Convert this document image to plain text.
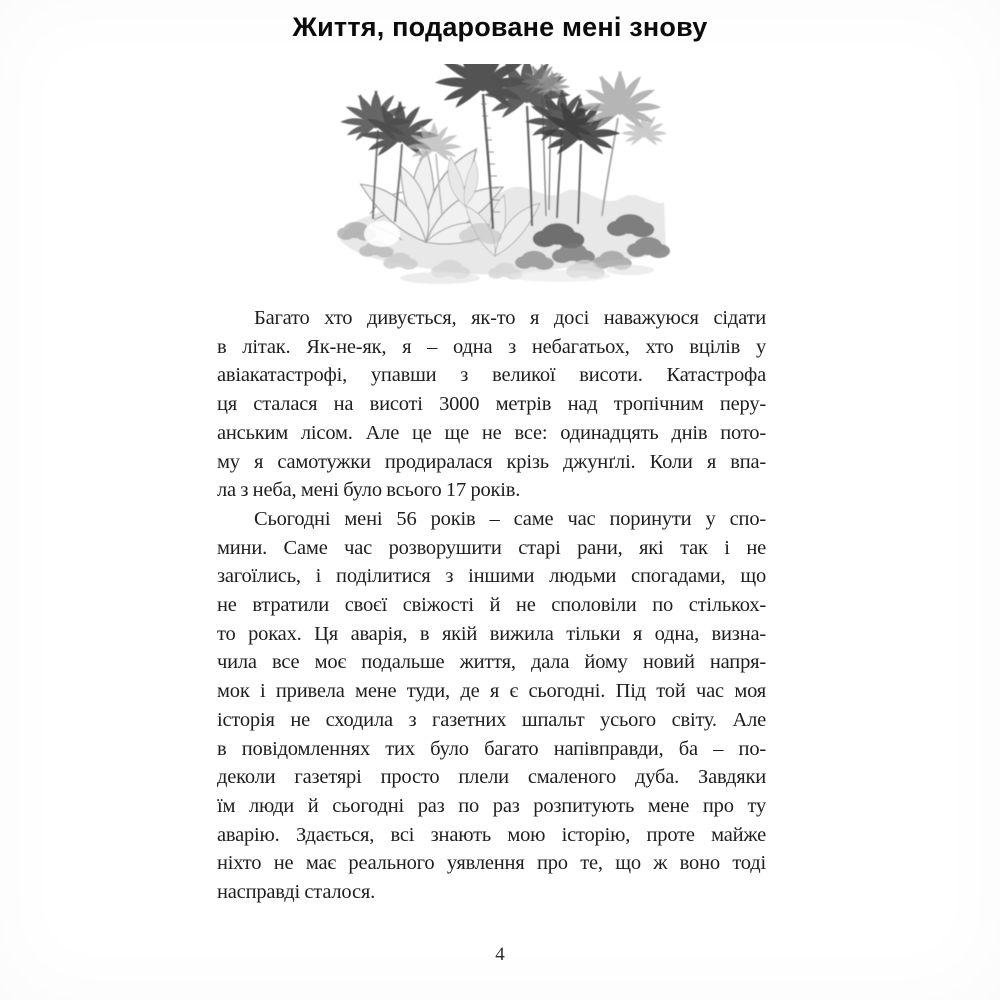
Життя, подароване мені знову
Багато хто дивується, як-то я досі наважуюся сідати
в літак. Як-не-як, я – одна з небагатьох, хто вцілів у
авіакатастрофі, упавши з великої висоти. Катастрофа
ця сталася на висоті 3000 метрів над тропічним перу-
анським лісом. Але це ще не все: одинадцять днів пото-
му я самотужки продиралася крізь джунґлі. Коли я впа-
ла з неба, мені було всього 17 років.
Сьогодні мені 56 років – саме час поринути у спо-
мини. Саме час розворушити старі рани, які так і не
загоїлись, і поділитися з іншими людьми спогадами, що
не втратили своєї свіжості й не споловіли по стількох-
то роках. Ця аварія, в якій вижила тільки я одна, визна-
чила все моє подальше життя, дала йому новий напря-
мок і привела мене туди, де я є сьогодні. Під той час моя
історія не сходила з газетних шпальт усього світу. Але
в повідомленнях тих було багато напівправди, ба – по-
деколи газетярі просто плели смаленого дуба. Завдяки
їм люди й сьогодні раз по раз розпитують мене про ту
аварію. Здається, всі знають мою історію, проте майже
ніхто не має реального уявлення про те, що ж воно тоді
насправді сталося.
4
